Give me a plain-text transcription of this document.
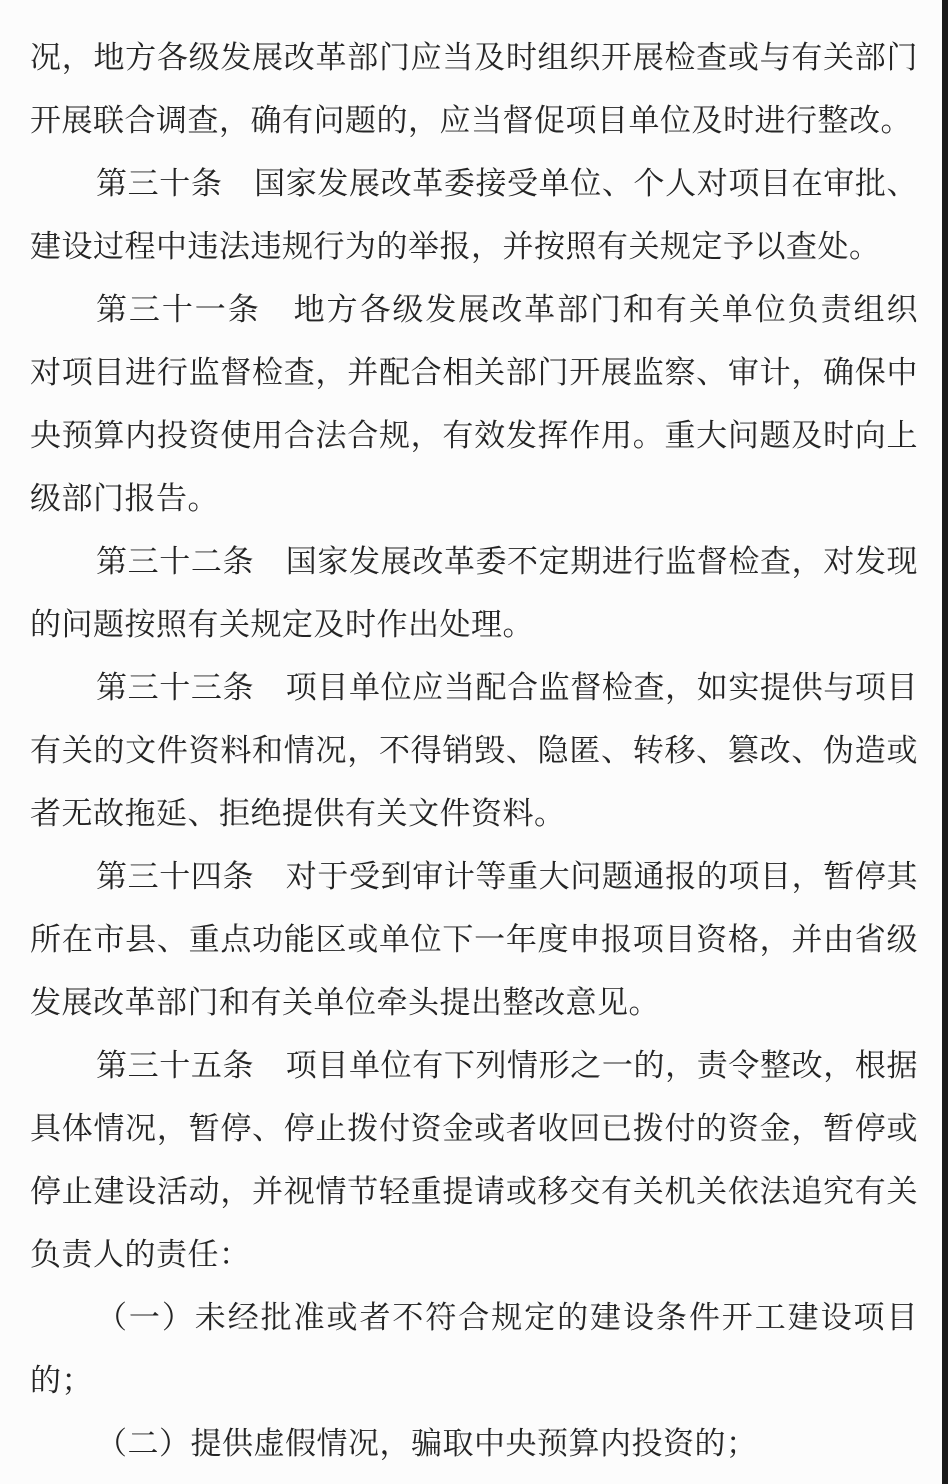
况，地方各级发展改革部门应当及时组织开展检查或与有关部门
开展联合调查，确有问题的，应当督促项目单位及时进行整改。
第三十条　国家发展改革委接受单位、个人对项目在审批、
建设过程中违法违规行为的举报，并按照有关规定予以查处。
第三十一条　地方各级发展改革部门和有关单位负责组织
对项目进行监督检查，并配合相关部门开展监察、审计，确保中
央预算内投资使用合法合规，有效发挥作用。重大问题及时向上
级部门报告。
第三十二条　国家发展改革委不定期进行监督检查，对发现
的问题按照有关规定及时作出处理。
第三十三条　项目单位应当配合监督检查，如实提供与项目
有关的文件资料和情况，不得销毁、隐匿、转移、篡改、伪造或
者无故拖延、拒绝提供有关文件资料。
第三十四条　对于受到审计等重大问题通报的项目，暂停其
所在市县、重点功能区或单位下一年度申报项目资格，并由省级
发展改革部门和有关单位牵头提出整改意见。
第三十五条　项目单位有下列情形之一的，责令整改，根据
具体情况，暂停、停止拨付资金或者收回已拨付的资金，暂停或
停止建设活动，并视情节轻重提请或移交有关机关依法追究有关
负责人的责任：
（一）未经批准或者不符合规定的建设条件开工建设项目
的；
（二）提供虚假情况，骗取中央预算内投资的；
